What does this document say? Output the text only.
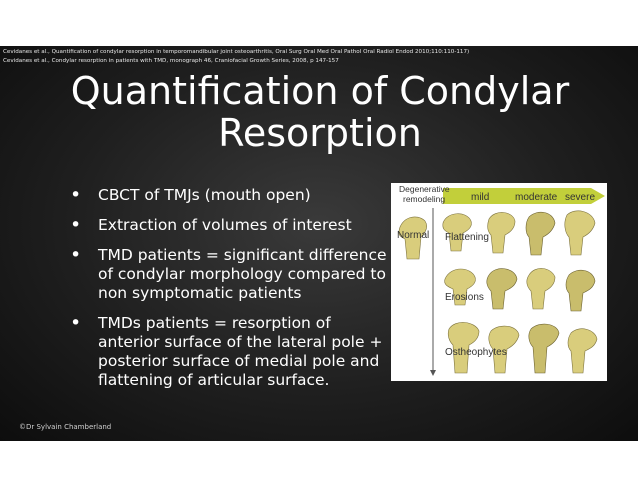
Cevidanes et al., Quantification of condylar resorption in temporomandibular joint osteoarthritis, Oral Surg Oral Med Oral Pathol Oral Radiol Endod 2010;110:110-117)
Cevidanes et al., Condylar resorption in patients with TMD, monograph 46, Craniofacial Growth Series, 2008, p 147-157
Quantification of Condylar
Resorption
• CBCT of TMJs (mouth open)
• Extraction of volumes of interest
• TMD patients = significant difference of condylar morphology compared to non symptomatic patients
• TMDs patients = resorption of anterior surface of the lateral pole + posterior surface of medial pole and flattening of articular surface.
Degenerative
remodeling	mild	moderate severe
Normal Flattening
Erosions
Ostheophytes
©Dr Sylvain Chamberland
